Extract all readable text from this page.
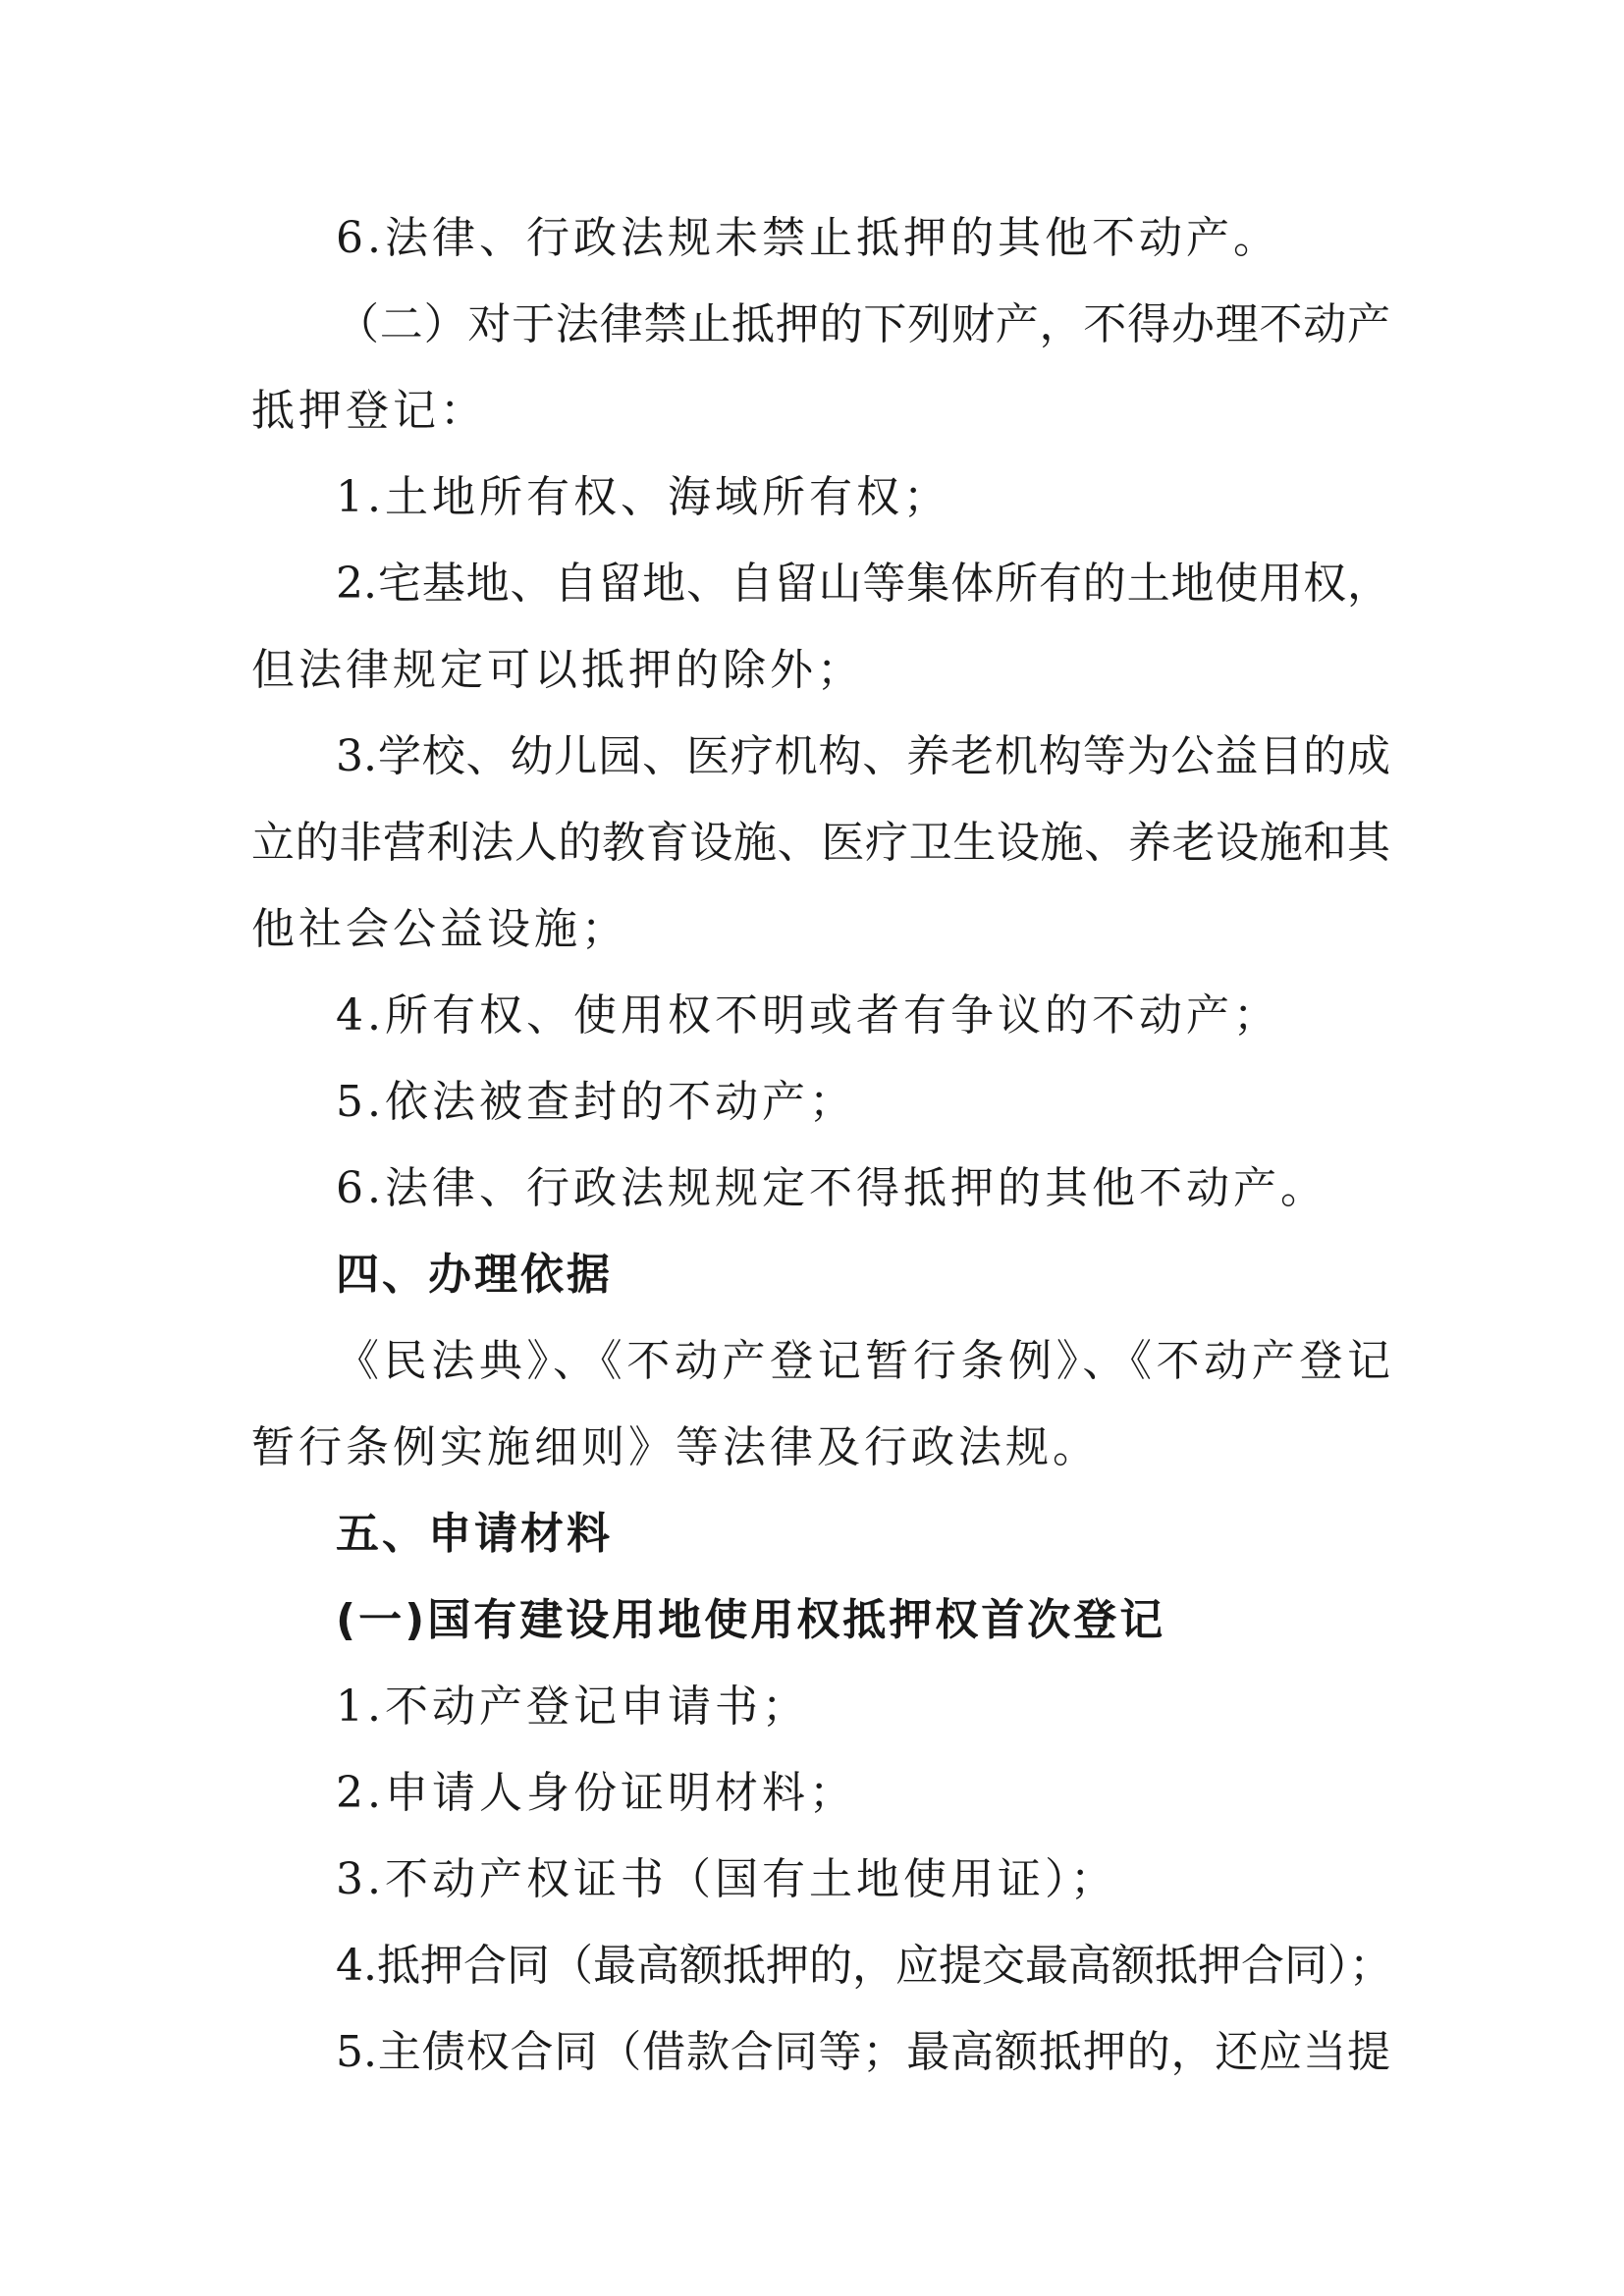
6.法律、行政法规未禁止抵押的其他不动产。
（二）对于法律禁止抵押的下列财产，不得办理不动产
抵押登记：
1.土地所有权、海域所有权；
2.宅基地、自留地、自留山等集体所有的土地使用权，
但法律规定可以抵押的除外；
3.学校、幼儿园、医疗机构、养老机构等为公益目的成
立的非营利法人的教育设施、医疗卫生设施、养老设施和其
他社会公益设施；
4.所有权、使用权不明或者有争议的不动产；
5.依法被查封的不动产；
6.法律、行政法规规定不得抵押的其他不动产。
四、办理依据
《民法典》、《不动产登记暂行条例》、《不动产登记
暂行条例实施细则》等法律及行政法规。
五、申请材料
(一)国有建设用地使用权抵押权首次登记
1.不动产登记申请书；
2.申请人身份证明材料；
3.不动产权证书（国有土地使用证）；
4.抵押合同（最高额抵押的，应提交最高额抵押合同）；
5.主债权合同（借款合同等；最高额抵押的，还应当提
